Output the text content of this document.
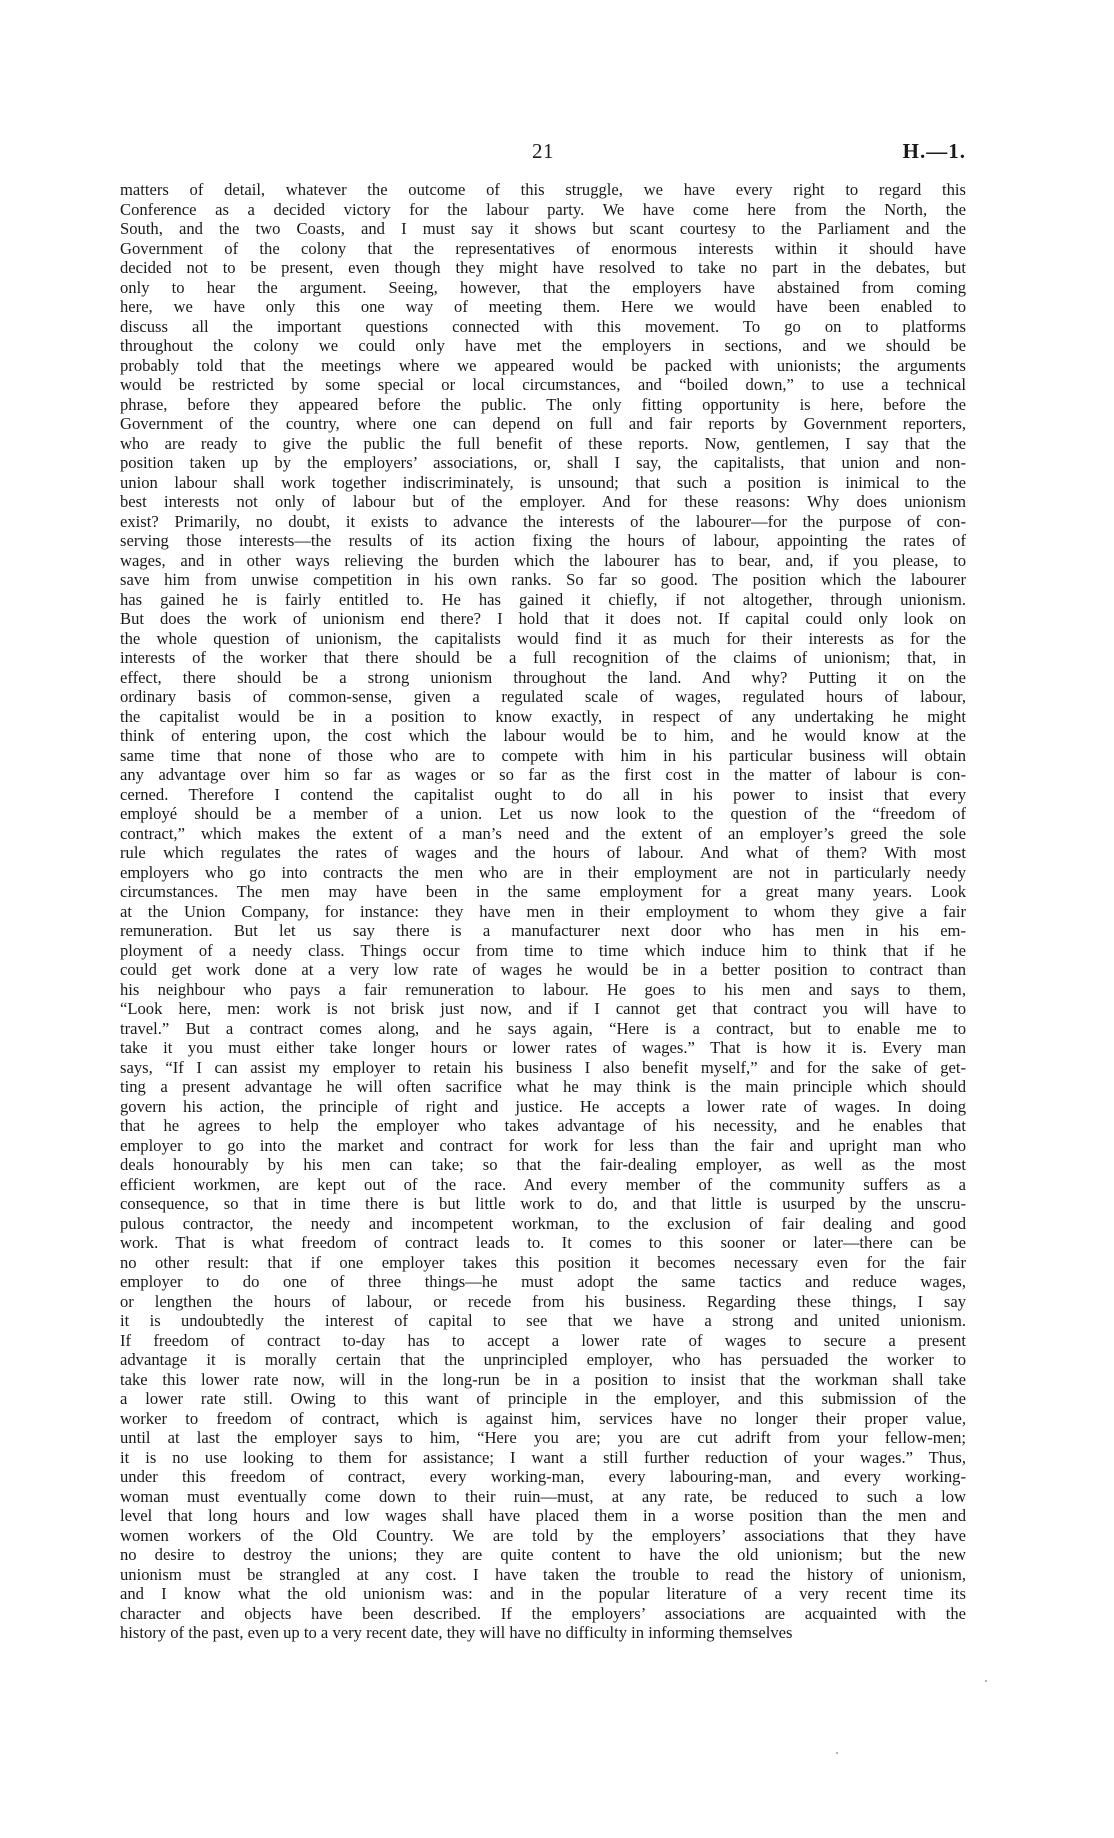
21	H.—1.
matters of detail, whatever the outcome of this struggle, we have every right to regard this
Conference as a decided victory for the labour party. We have come here from the North, the
South, and the two Coasts, and I must say it shows but scant courtesy to the Parliament and the
Government of the colony that the representatives of enormous interests within it should have
decided not to be present, even though they might have resolved to take no part in the debates, but
only to hear the argument. Seeing, however, that the employers have abstained from coming
here, we have only this one way of meeting them. Here we would have been enabled to
discuss all the important questions connected with this movement. To go on to platforms
throughout the colony we could only have met the employers in sections, and we should be
probably told that the meetings where we appeared would be packed with unionists; the arguments
would be restricted by some special or local circumstances, and “boiled down,” to use a technical
phrase, before they appeared before the public. The only fitting opportunity is here, before the
Government of the country, where one can depend on full and fair reports by Government reporters,
who are ready to give the public the full benefit of these reports. Now, gentlemen, I say that the
position taken up by the employers’ associations, or, shall I say, the capitalists, that union and non-
union labour shall work together indiscriminately, is unsound; that such a position is inimical to the
best interests not only of labour but of the employer. And for these reasons: Why does unionism
exist? Primarily, no doubt, it exists to advance the interests of the labourer—for the purpose of con-
serving those interests—the results of its action fixing the hours of labour, appointing the rates of
wages, and in other ways relieving the burden which the labourer has to bear, and, if you please, to
save him from unwise competition in his own ranks. So far so good. The position which the labourer
has gained he is fairly entitled to. He has gained it chiefly, if not altogether, through unionism.
But does the work of unionism end there? I hold that it does not. If capital could only look on
the whole question of unionism, the capitalists would find it as much for their interests as for the
interests of the worker that there should be a full recognition of the claims of unionism; that, in
effect, there should be a strong unionism throughout the land. And why? Putting it on the
ordinary basis of common-sense, given a regulated scale of wages, regulated hours of labour,
the capitalist would be in a position to know exactly, in respect of any undertaking he might
think of entering upon, the cost which the labour would be to him, and he would know at the
same time that none of those who are to compete with him in his particular business will obtain
any advantage over him so far as wages or so far as the first cost in the matter of labour is con-
cerned. Therefore I contend the capitalist ought to do all in his power to insist that every
employé should be a member of a union. Let us now look to the question of the “freedom of
contract,” which makes the extent of a man’s need and the extent of an employer’s greed the sole
rule which regulates the rates of wages and the hours of labour. And what of them? With most
employers who go into contracts the men who are in their employment are not in particularly needy
circumstances. The men may have been in the same employment for a great many years. Look
at the Union Company, for instance: they have men in their employment to whom they give a fair
remuneration. But let us say there is a manufacturer next door who has men in his em-
ployment of a needy class. Things occur from time to time which induce him to think that if he
could get work done at a very low rate of wages he would be in a better position to contract than
his neighbour who pays a fair remuneration to labour. He goes to his men and says to them,
“Look here, men: work is not brisk just now, and if I cannot get that contract you will have to
travel.” But a contract comes along, and he says again, “Here is a contract, but to enable me to
take it you must either take longer hours or lower rates of wages.” That is how it is. Every man
says, “If I can assist my employer to retain his business I also benefit myself,” and for the sake of get-
ting a present advantage he will often sacrifice what he may think is the main principle which should
govern his action, the principle of right and justice. He accepts a lower rate of wages. In doing
that he agrees to help the employer who takes advantage of his necessity, and he enables that
employer to go into the market and contract for work for less than the fair and upright man who
deals honourably by his men can take; so that the fair-dealing employer, as well as the most
efficient workmen, are kept out of the race. And every member of the community suffers as a
consequence, so that in time there is but little work to do, and that little is usurped by the unscru-
pulous contractor, the needy and incompetent workman, to the exclusion of fair dealing and good
work. That is what freedom of contract leads to. It comes to this sooner or later—there can be
no other result: that if one employer takes this position it becomes necessary even for the fair
employer to do one of three things—he must adopt the same tactics and reduce wages,
or lengthen the hours of labour, or recede from his business. Regarding these things, I say
it is undoubtedly the interest of capital to see that we have a strong and united unionism.
If freedom of contract to-day has to accept a lower rate of wages to secure a present
advantage it is morally certain that the unprincipled employer, who has persuaded the worker to
take this lower rate now, will in the long-run be in a position to insist that the workman shall take
a lower rate still. Owing to this want of principle in the employer, and this submission of the
worker to freedom of contract, which is against him, services have no longer their proper value,
until at last the employer says to him, “Here you are; you are cut adrift from your fellow-men;
it is no use looking to them for assistance; I want a still further reduction of your wages.” Thus,
under this freedom of contract, every working-man, every labouring-man, and every working-
woman must eventually come down to their ruin—must, at any rate, be reduced to such a low
level that long hours and low wages shall have placed them in a worse position than the men and
women workers of the Old Country. We are told by the employers’ associations that they have
no desire to destroy the unions; they are quite content to have the old unionism; but the new
unionism must be strangled at any cost. I have taken the trouble to read the history of unionism,
and I know what the old unionism was: and in the popular literature of a very recent time its
character and objects have been described. If the employers’ associations are acquainted with the
history of the past, even up to a very recent date, they will have no difficulty in informing themselves
